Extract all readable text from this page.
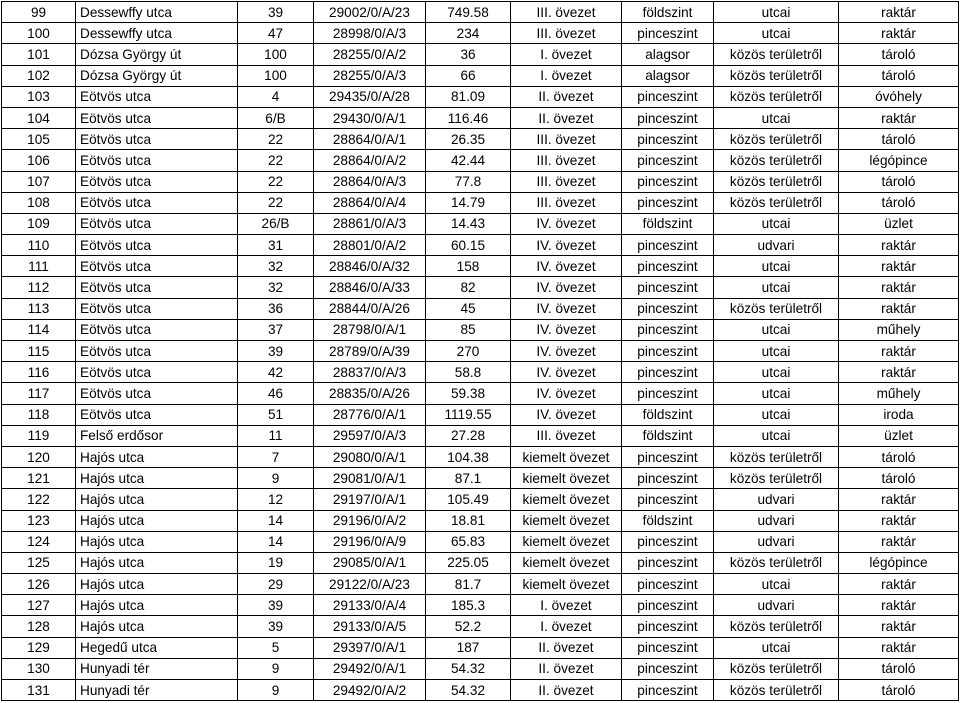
99	Dessewffy utca	39	29002/0/A/23	749.58	III. övezet	földszint	utcai	raktár
100	Dessewffy utca	47	28998/0/A/3	234	III. övezet	pinceszint	utcai	raktár
101	Dózsa György út	100	28255/0/A/2	36	I. övezet	alagsor	közös területről	tároló
102	Dózsa György út	100	28255/0/A/3	66	I. övezet	alagsor	közös területről	tároló
103	Eötvös utca	4	29435/0/A/28	81.09	II. övezet	pinceszint	közös területről	óvóhely
104	Eötvös utca	6/B	29430/0/A/1	116.46	II. övezet	pinceszint	utcai	raktár
105	Eötvös utca	22	28864/0/A/1	26.35	III. övezet	pinceszint	közös területről	tároló
106	Eötvös utca	22	28864/0/A/2	42.44	III. övezet	pinceszint	közös területről	légópince
107	Eötvös utca	22	28864/0/A/3	77.8	III. övezet	pinceszint	közös területről	tároló
108	Eötvös utca	22	28864/0/A/4	14.79	III. övezet	pinceszint	közös területről	tároló
109	Eötvös utca	26/B	28861/0/A/3	14.43	IV. övezet	földszint	utcai	üzlet
110	Eötvös utca	31	28801/0/A/2	60.15	IV. övezet	pinceszint	udvari	raktár
111	Eötvös utca	32	28846/0/A/32	158	IV. övezet	pinceszint	utcai	raktár
112	Eötvös utca	32	28846/0/A/33	82	IV. övezet	pinceszint	utcai	raktár
113	Eötvös utca	36	28844/0/A/26	45	IV. övezet	pinceszint	közös területről	raktár
114	Eötvös utca	37	28798/0/A/1	85	IV. övezet	pinceszint	utcai	műhely
115	Eötvös utca	39	28789/0/A/39	270	IV. övezet	pinceszint	utcai	raktár
116	Eötvös utca	42	28837/0/A/3	58.8	IV. övezet	pinceszint	utcai	raktár
117	Eötvös utca	46	28835/0/A/26	59.38	IV. övezet	pinceszint	utcai	műhely
118	Eötvös utca	51	28776/0/A/1	1119.55	IV. övezet	földszint	utcai	iroda
119	Felső erdősor	11	29597/0/A/3	27.28	III. övezet	földszint	utcai	üzlet
120	Hajós utca	7	29080/0/A/1	104.38	kiemelt övezet	pinceszint	közös területről	tároló
121	Hajós utca	9	29081/0/A/1	87.1	kiemelt övezet	pinceszint	közös területről	tároló
122	Hajós utca	12	29197/0/A/1	105.49	kiemelt övezet	pinceszint	udvari	raktár
123	Hajós utca	14	29196/0/A/2	18.81	kiemelt övezet	földszint	udvari	raktár
124	Hajós utca	14	29196/0/A/9	65.83	kiemelt övezet	pinceszint	udvari	raktár
125	Hajós utca	19	29085/0/A/1	225.05	kiemelt övezet	pinceszint	közös területről	légópince
126	Hajós utca	29	29122/0/A/23	81.7	kiemelt övezet	pinceszint	utcai	raktár
127	Hajós utca	39	29133/0/A/4	185.3	I. övezet	pinceszint	udvari	raktár
128	Hajós utca	39	29133/0/A/5	52.2	I. övezet	pinceszint	közös területről	raktár
129	Hegedű utca	5	29397/0/A/1	187	II. övezet	pinceszint	utcai	raktár
130	Hunyadi tér	9	29492/0/A/1	54.32	II. övezet	pinceszint	közös területről	tároló
131	Hunyadi tér	9	29492/0/A/2	54.32	II. övezet	pinceszint	közös területről	tároló
